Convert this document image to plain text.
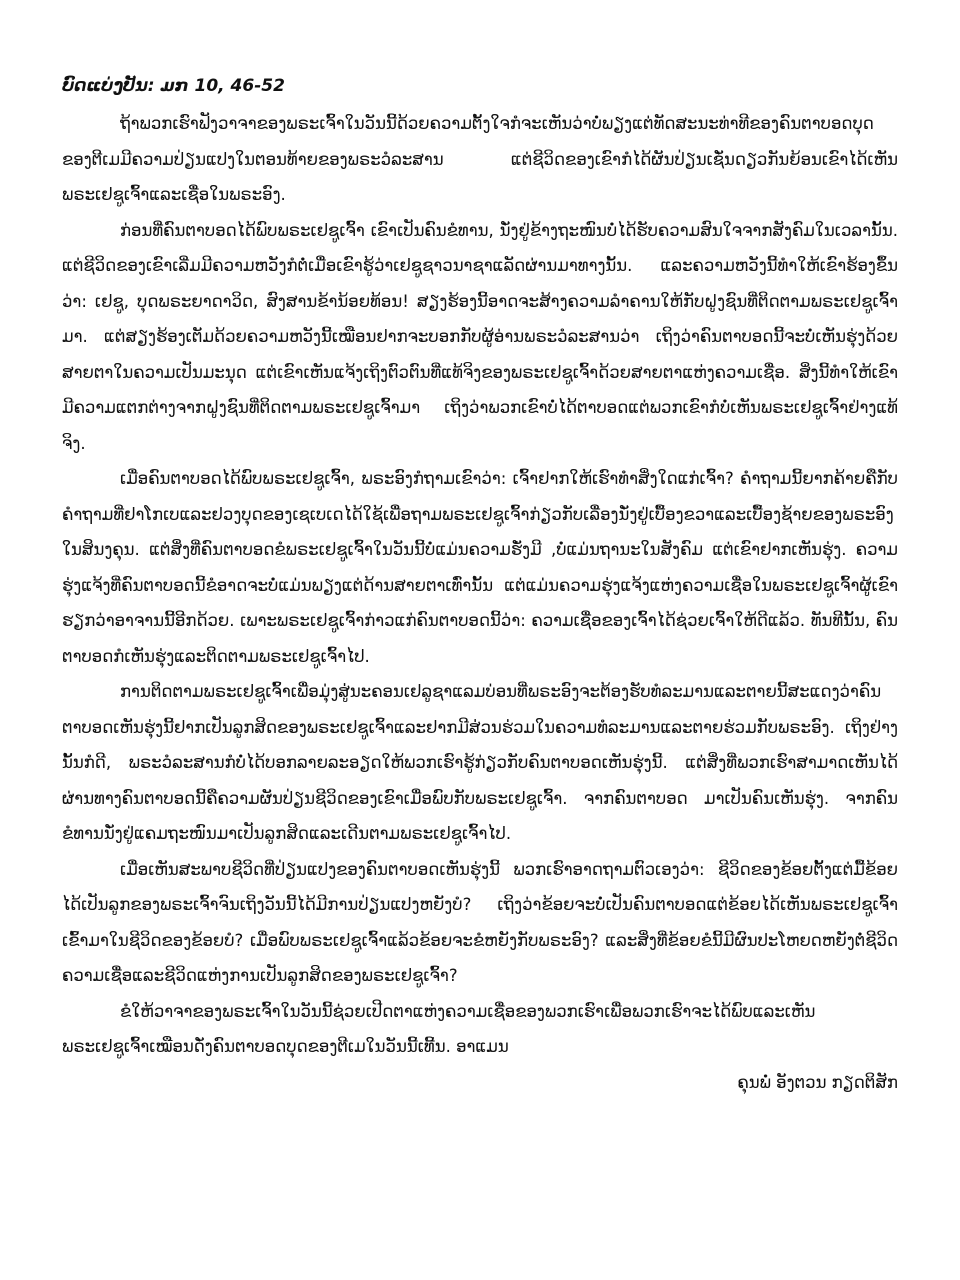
ບົດແບ່ງປັນ: ມກ 10, 46-52

ຖ້າພວກເຮົາຟັງວາຈາຂອງພຣະເຈົ້າໃນວັນນີ້ດ້ວຍຄວາມຕັ້ງໃຈກໍຈະເຫັນວ່າບໍ່ພຽງແຕ່ທັດສະນະທ່າທີຂອງຄົນຕາບອດບຸດຂອງຕີເມມີຄວາມປ່ຽນແປງໃນຕອນທ້າຍຂອງພຣະວໍລະສານ ແຕ່ຊີວິດຂອງເຂົາກໍໄດ້ຜັນປ່ຽນເຊັ່ນດຽວກັນຍ້ອນເຂົາໄດ້ເຫັນພຣະເຢຊູເຈົ້າແລະເຊື່ອໃນພຣະອົງ.

ກ່ອນທີ່ຄົນຕາບອດໄດ້ພົບພຣະເຢຊູເຈົ້າ ເຂົາເປັນຄົນຂໍທານ, ນັ່ງຢູ່ຂ້າງຖະໜົນບໍ່ໄດ້ຮັບຄວາມສົນໃຈຈາກສັງຄົມໃນເວລານັ້ນ. ແຕ່ຊີວິດຂອງເຂົາເລີ່ມມີຄວາມຫວັງກໍຕໍ່ເມື່ອເຂົາຮູ້ວ່າເຢຊູຊາວນາຊາແລັດຜ່ານມາທາງນັ້ນ. ແລະຄວາມຫວັງນີ້ທຳໃຫ້ເຂົາຮ້ອງຂຶ້ນວ່າ: ເຢຊູ, ບຸດພຣະຍາດາວິດ, ສົງສານຂ້ານ້ອຍທ້ອນ! ສຽງຮ້ອງນີ້ອາດຈະສ້າງຄວາມລຳຄານໃຫ້ກັບຝູງຊົນທີ່ຕິດຕາມພຣະເຢຊູເຈົ້າມາ. ແຕ່ສຽງຮ້ອງເຕັມດ້ວຍຄວາມຫວັງນີ້ເໝືອນຢາກຈະບອກກັບຜູ້ອ່ານພຣະວໍລະສານວ່າ ເຖິງວ່າຄົນຕາບອດນີ້ຈະບໍ່ເຫັນຮຸ່ງດ້ວຍສາຍຕາໃນຄວາມເປັນມະນຸດ ແຕ່ເຂົາເຫັນແຈ້ງເຖິງຕົວຕົນທີ່ແທ້ຈິງຂອງພຣະເຢຊູເຈົ້າດ້ວຍສາຍຕາແຫ່ງຄວາມເຊື່ອ. ສິ່ງນີ້ທຳໃຫ້ເຂົາມີຄວາມແຕກຕ່າງຈາກຝູງຊົນທີ່ຕິດຕາມພຣະເຢຊູເຈົ້າມາ ເຖິງວ່າພວກເຂົາບໍ່ໄດ້ຕາບອດແຕ່ພວກເຂົາກໍບໍ່ເຫັນພຣະເຢຊູເຈົ້າຢ່າງແທ້ຈິງ.

ເມື່ອຄົນຕາບອດໄດ້ພົບພຣະເຢຊູເຈົ້າ, ພຣະອົງກໍຖາມເຂົາວ່າ: ເຈົ້າຢາກໃຫ້ເຮົາທຳສິ່ງໃດແກ່ເຈົ້າ? ຄຳຖາມນີ້ຍາກຄ້າຍຄືກັບຄຳຖາມທີ່ຢາໂກເບແລະຢວງບຸດຂອງເຊເບເດໄດ້ໃຊ້ເພື່ອຖາມພຣະເຢຊູເຈົ້າກ່ຽວກັບເລື່ອງນັ່ງຢູ່ເບື້ອງຂວາແລະເບື້ອງຊ້າຍຂອງພຣະອົງໃນສິນງຄຸນ. ແຕ່ສິ່ງທີ່ຄົນຕາບອດຂໍພຣະເຢຊູເຈົ້າໃນວັນນີ້ບໍ່ແມ່ນຄວາມຮັ່ງມີ ,ບໍ່ແມ່ນຖານະໃນສັງຄົມ ແຕ່ເຂົາຢາກເຫັນຮຸ່ງ. ຄວາມຮຸ່ງແຈ້ງທີ່ຄົນຕາບອດນີ້ຂໍອາດຈະບໍ່ແມ່ນພຽງແຕ່ດ້ານສາຍຕາເທົ່ານັ້ນ ແຕ່ແມ່ນຄວາມຮຸ່ງແຈ້ງແຫ່ງຄວາມເຊື່ອໃນພຣະເຢຊູເຈົ້າຜູ້ເຂົາຮຽກວ່າອາຈານນີ້ອີກດ້ວຍ. ເພາະພຣະເຢຊູເຈົ້າກ່າວແກ່ຄົນຕາບອດນີ້ວ່າ: ຄວາມເຊື່ອຂອງເຈົ້າໄດ້ຊ່ວຍເຈົ້າໃຫ້ດີແລ້ວ. ທັນທີນັ້ນ, ຄົນຕາບອດກໍເຫັນຮຸ່ງແລະຕິດຕາມພຣະເຢຊູເຈົ້າໄປ.

ການຕິດຕາມພຣະເຢຊູເຈົ້າເພື່ອມຸ່ງສູ່ນະຄອນເຢລູຊາແລມບ່ອນທີ່ພຣະອົງຈະຕ້ອງຮັບທໍລະມານແລະຕາຍນີ້ສະແດງວ່າຄົນຕາບອດເຫັນຮຸ່ງນີ້ຢາກເປັນລູກສິດຂອງພຣະເຢຊູເຈົ້າແລະຢາກມີສ່ວນຮ່ວມໃນຄວາມທໍລະມານແລະຕາຍຮ່ວມກັບພຣະອົງ. ເຖິງຢ່າງນັ້ນກໍດີ, ພຣະວໍລະສານກໍບໍ່ໄດ້ບອກລາຍລະອຽດໃຫ້ພວກເຮົາຮູ້ກ່ຽວກັບຄົນຕາບອດເຫັນຮຸ່ງນີ້. ແຕ່ສິ່ງທີ່ພວກເຮົາສາມາດເຫັນໄດ້ຜ່ານທາງຄົນຕາບອດນີ້ຄືຄວາມຜັນປ່ຽນຊີວິດຂອງເຂົາເມື່ອພົບກັບພຣະເຢຊູເຈົ້າ. ຈາກຄົນຕາບອດ ມາເປັນຄົນເຫັນຮຸ່ງ. ຈາກຄົນຂໍທານນັ່ງຢູ່ແຄມຖະໜົນມາເປັນລູກສິດແລະເດີນຕາມພຣະເຢຊູເຈົ້າໄປ.

ເມື່ອເຫັນສະພາບຊີວິດທີ່ປ່ຽນແປງຂອງຄົນຕາບອດເຫັນຮຸ່ງນີ້ ພວກເຮົາອາດຖາມຕົວເອງວ່າ: ຊີວິດຂອງຂ້ອຍຕັ້ງແຕ່ມື້ຂ້ອຍໄດ້ເປັນລູກຂອງພຣະເຈົ້າຈົນເຖິງວັນນີ້ໄດ້ມີການປ່ຽນແປງຫຍັງບໍ? ເຖິງວ່າຂ້ອຍຈະບໍ່ເປັນຄົນຕາບອດແຕ່ຂ້ອຍໄດ້ເຫັນພຣະເຢຊູເຈົ້າເຂົ້າມາໃນຊີວິດຂອງຂ້ອຍບໍ? ເມື່ອພົບພຣະເຢຊູເຈົ້າແລ້ວຂ້ອຍຈະຂໍຫຍັງກັບພຣະອົງ? ແລະສິ່ງທີ່ຂ້ອຍຂໍນີ້ມີຜົນປະໂຫຍດຫຍັງຕໍ່ຊີວິດຄວາມເຊື່ອແລະຊີວິດແຫ່ງການເປັນລູກສິດຂອງພຣະເຢຊູເຈົ້າ?

ຂໍໃຫ້ວາຈາຂອງພຣະເຈົ້າໃນວັນນີ້ຊ່ວຍເປີດຕາແຫ່ງຄວາມເຊື່ອຂອງພວກເຮົາເພື່ອພວກເຮົາຈະໄດ້ພົບແລະເຫັນພຣະເຢຊູເຈົ້າເໝືອນດັ່ງຄົນຕາບອດບຸດຂອງຕີເມໃນວັນນີ້ເທີ້ນ. ອາແມນ

ຄຸນພໍ່ ອັງຕວນ ກຽດຕິສັກ
